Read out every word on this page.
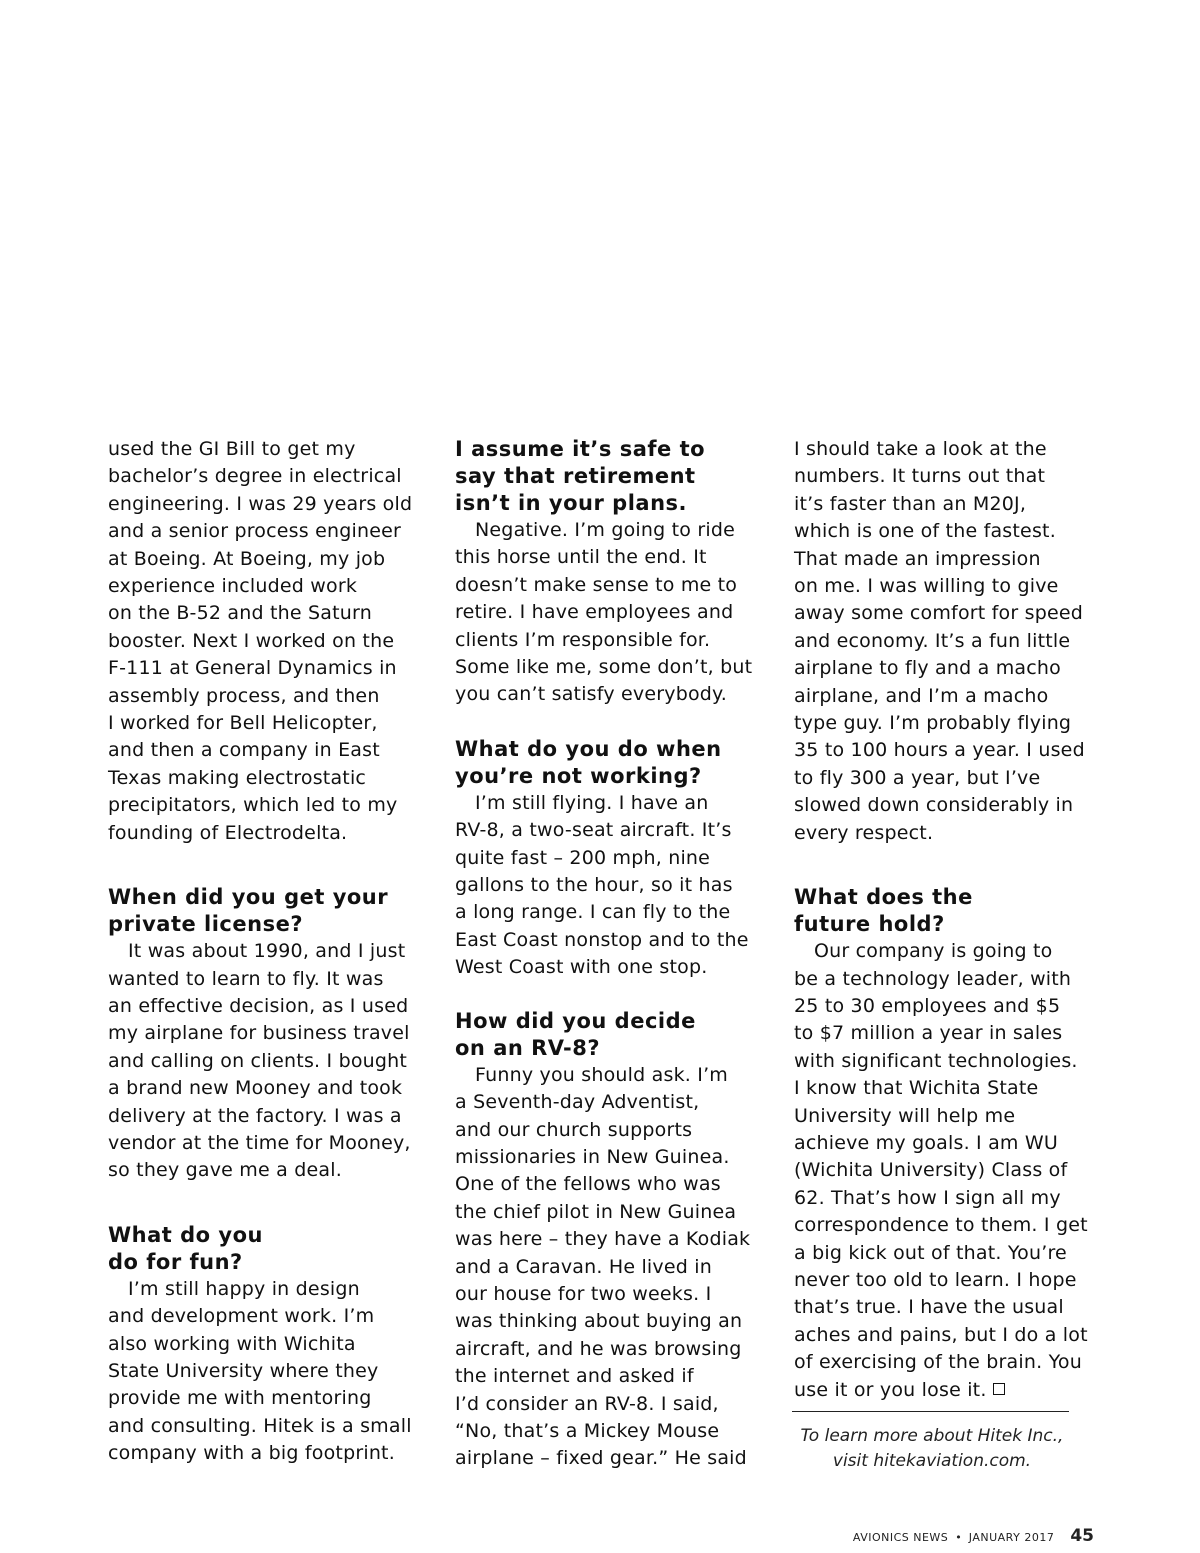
used the GI Bill to get my
bachelor’s degree in electrical
engineering. I was 29 years old
and a senior process engineer
at Boeing. At Boeing, my job
experience included work
on the B-52 and the Saturn
booster. Next I worked on the
F-111 at General Dynamics in
assembly process, and then
I worked for Bell Helicopter,
and then a company in East
Texas making electrostatic
precipitators, which led to my
founding of Electrodelta.

When did you get your
private license?

It was about 1990, and I just
wanted to learn to fly. It was
an effective decision, as I used
my airplane for business travel
and calling on clients. I bought
a brand new Mooney and took
delivery at the factory. I was a
vendor at the time for Mooney,
so they gave me a deal.

What do you
do for fun?

I’m still happy in design
and development work. I’m
also working with Wichita
State University where they
provide me with mentoring
and consulting. Hitek is a small
company with a big footprint.

I assume it’s safe to
say that retirement
isn’t in your plans.

Negative. I’m going to ride
this horse until the end. It
doesn’t make sense to me to
retire. I have employees and
clients I’m responsible for.
Some like me, some don’t, but
you can’t satisfy everybody.

What do you do when
you’re not working?

I’m still flying. I have an
RV-8, a two-seat aircraft. It’s
quite fast – 200 mph, nine
gallons to the hour, so it has
a long range. I can fly to the
East Coast nonstop and to the
West Coast with one stop.

How did you decide
on an RV-8?

Funny you should ask. I’m
a Seventh-day Adventist,
and our church supports
missionaries in New Guinea.
One of the fellows who was
the chief pilot in New Guinea
was here – they have a Kodiak
and a Caravan. He lived in
our house for two weeks. I
was thinking about buying an
aircraft, and he was browsing
the internet and asked if
I’d consider an RV-8. I said,
“No, that’s a Mickey Mouse
airplane – fixed gear.” He said

I should take a look at the
numbers. It turns out that
it’s faster than an M20J,
which is one of the fastest.
That made an impression
on me. I was willing to give
away some comfort for speed
and economy. It’s a fun little
airplane to fly and a macho
airplane, and I’m a macho
type guy. I’m probably flying
35 to 100 hours a year. I used
to fly 300 a year, but I’ve
slowed down considerably in
every respect.

What does the
future hold?

Our company is going to
be a technology leader, with
25 to 30 employees and $5
to $7 million a year in sales
with significant technologies.
I know that Wichita State
University will help me
achieve my goals. I am WU
(Wichita University) Class of
62. That’s how I sign all my
correspondence to them. I get
a big kick out of that. You’re
never too old to learn. I hope
that’s true. I have the usual
aches and pains, but I do a lot
of exercising of the brain. You
use it or you lose it.

To learn more about Hitek Inc.,
visit hitekaviation.com.
AVIONICS NEWS • JANUARY 2017 45
